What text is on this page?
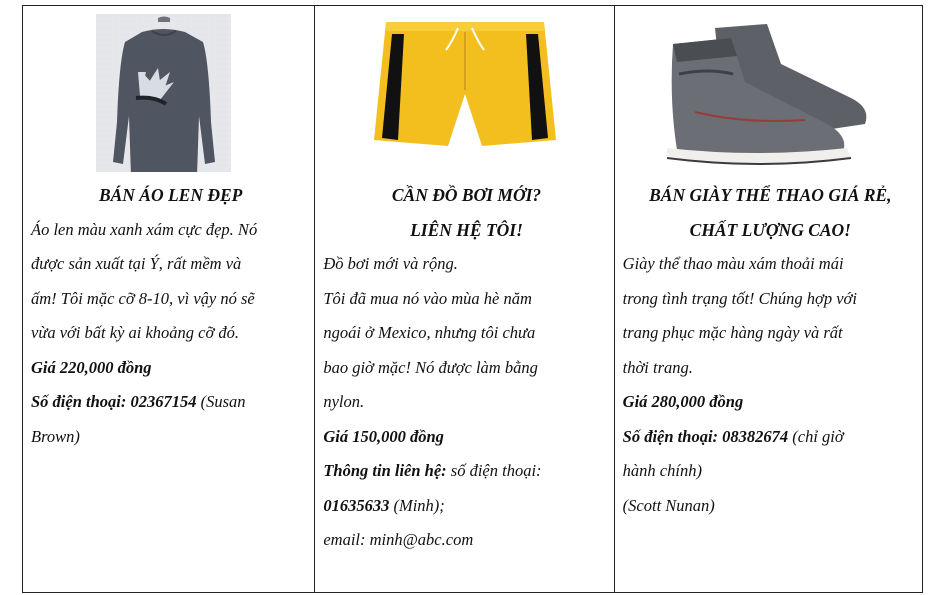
BÁN ÁO LEN ĐẸP

Áo len màu xanh xám cực đẹp. Nó
được sản xuất tại Ý, rất mềm và
ấm! Tôi mặc cỡ 8-10, vì vậy nó sẽ
vừa với bất kỳ ai khoảng cỡ đó.
Giá 220,000 đồng
Số điện thoại: 02367154 (Susan
Brown)

CẦN ĐỒ BƠI MỚI?
LIÊN HỆ TÔI!

Đồ bơi mới và rộng.
Tôi đã mua nó vào mùa hè năm
ngoái ở Mexico, nhưng tôi chưa
bao giờ mặc! Nó được làm bằng
nylon.
Giá 150,000 đồng
Thông tin liên hệ: số điện thoại:
01635633 (Minh);
email: minh@abc.com

BÁN GIÀY THỂ THAO GIÁ RẺ,
CHẤT LƯỢNG CAO!

Giày thể thao màu xám thoải mái
trong tình trạng tốt! Chúng hợp với
trang phục mặc hàng ngày và rất
thời trang.
Giá 280,000 đồng
Số điện thoại: 08382674 (chỉ giờ
hành chính)
(Scott Nunan)
